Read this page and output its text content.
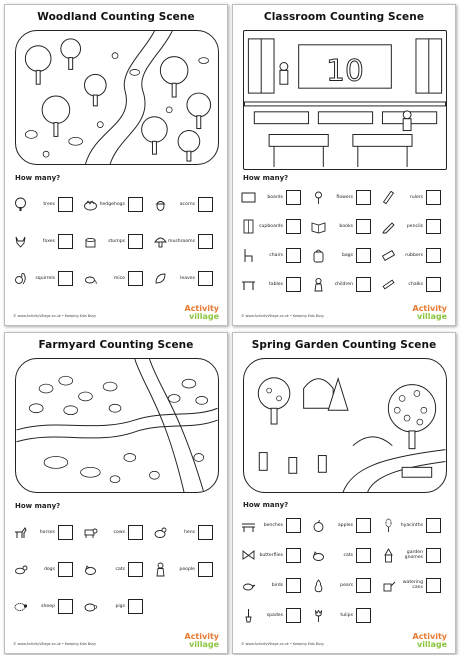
Woodland Counting Scene
How many?
trees	hedgehogs	acorns
foxes	stumps	mushrooms
squirrels	mice	leaves
© www.ActivityVillage.co.uk • Keeping Kids Busy
Activity
village
Classroom Counting Scene
10
How many?
boards	flowers	rulers
cupboards	books	pencils
chairs	bags	rubbers
tables	children	chalks
© www.ActivityVillage.co.uk • Keeping Kids Busy
Activity
village
Farmyard Counting Scene
How many?
horses	cows	hens
dogs	cats	people
sheep	pigs
© www.ActivityVillage.co.uk • Keeping Kids Busy
Activity
village
Spring Garden Counting Scene
How many?
benches	apples	hyacinths
butterflies	cats	garden gnomes
birds	pears	watering cans
spades	tulips
© www.ActivityVillage.co.uk • Keeping Kids Busy
Activity
village
